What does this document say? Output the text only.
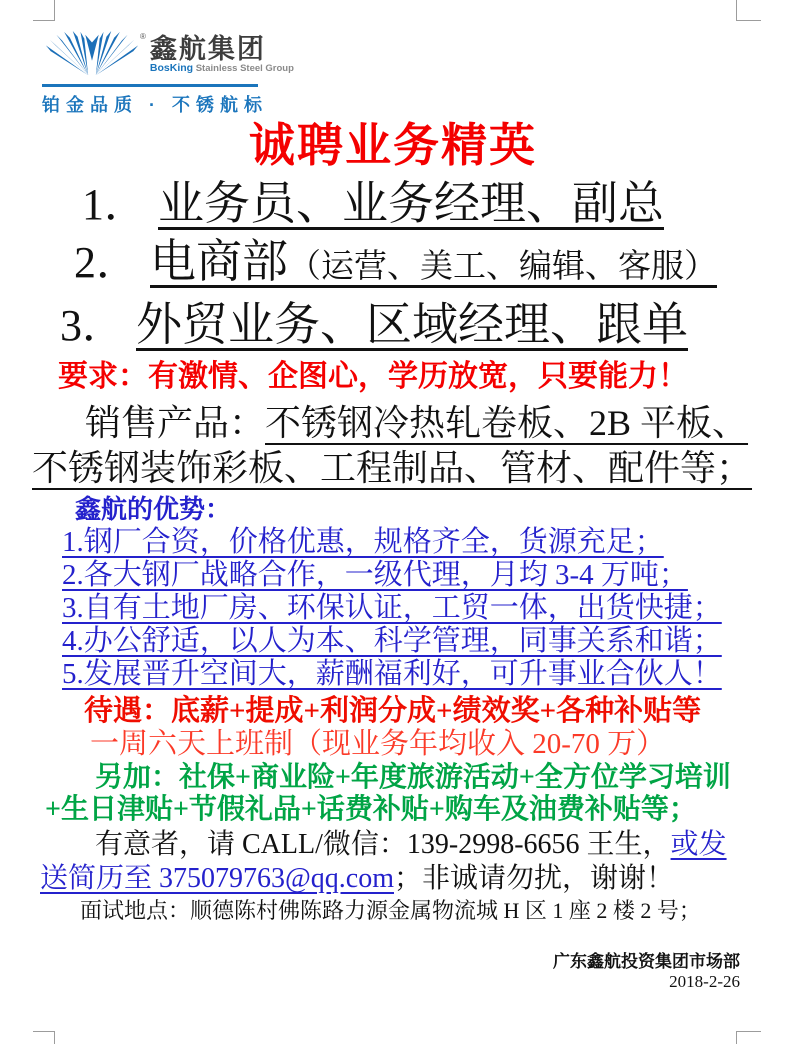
® 鑫航集团
BosKing Stainless Steel Group
铂金品质 · 不锈航标
诚聘业务精英
1． 业务员、业务经理、副总
2． 电商部（运营、美工、编辑、客服）
3． 外贸业务、区域经理、跟单
要求：有激情、企图心，学历放宽，只要能力！
销售产品：不锈钢冷热轧卷板、2B 平板、
不锈钢装饰彩板、工程制品、管材、配件等；
鑫航的优势：
1.钢厂合资，价格优惠，规格齐全，货源充足；
2.各大钢厂战略合作，一级代理，月均 3-4 万吨；
3.自有土地厂房、环保认证，工贸一体，出货快捷；
4.办公舒适，以人为本、科学管理，同事关系和谐；
5.发展晋升空间大，薪酬福利好，可升事业合伙人！
待遇：底薪+提成+利润分成+绩效奖+各种补贴等
一周六天上班制（现业务年均收入 20-70 万）
另加：社保+商业险+年度旅游活动+全方位学习培训
+生日津贴+节假礼品+话费补贴+购车及油费补贴等；
有意者，请 CALL/微信：139-2998-6656 王生，或发
送简历至 375079763@qq.com；非诚请勿扰，谢谢！
面试地点：顺德陈村佛陈路力源金属物流城 H 区 1 座 2 楼 2 号；
广东鑫航投资集团市场部
2018-2-26
